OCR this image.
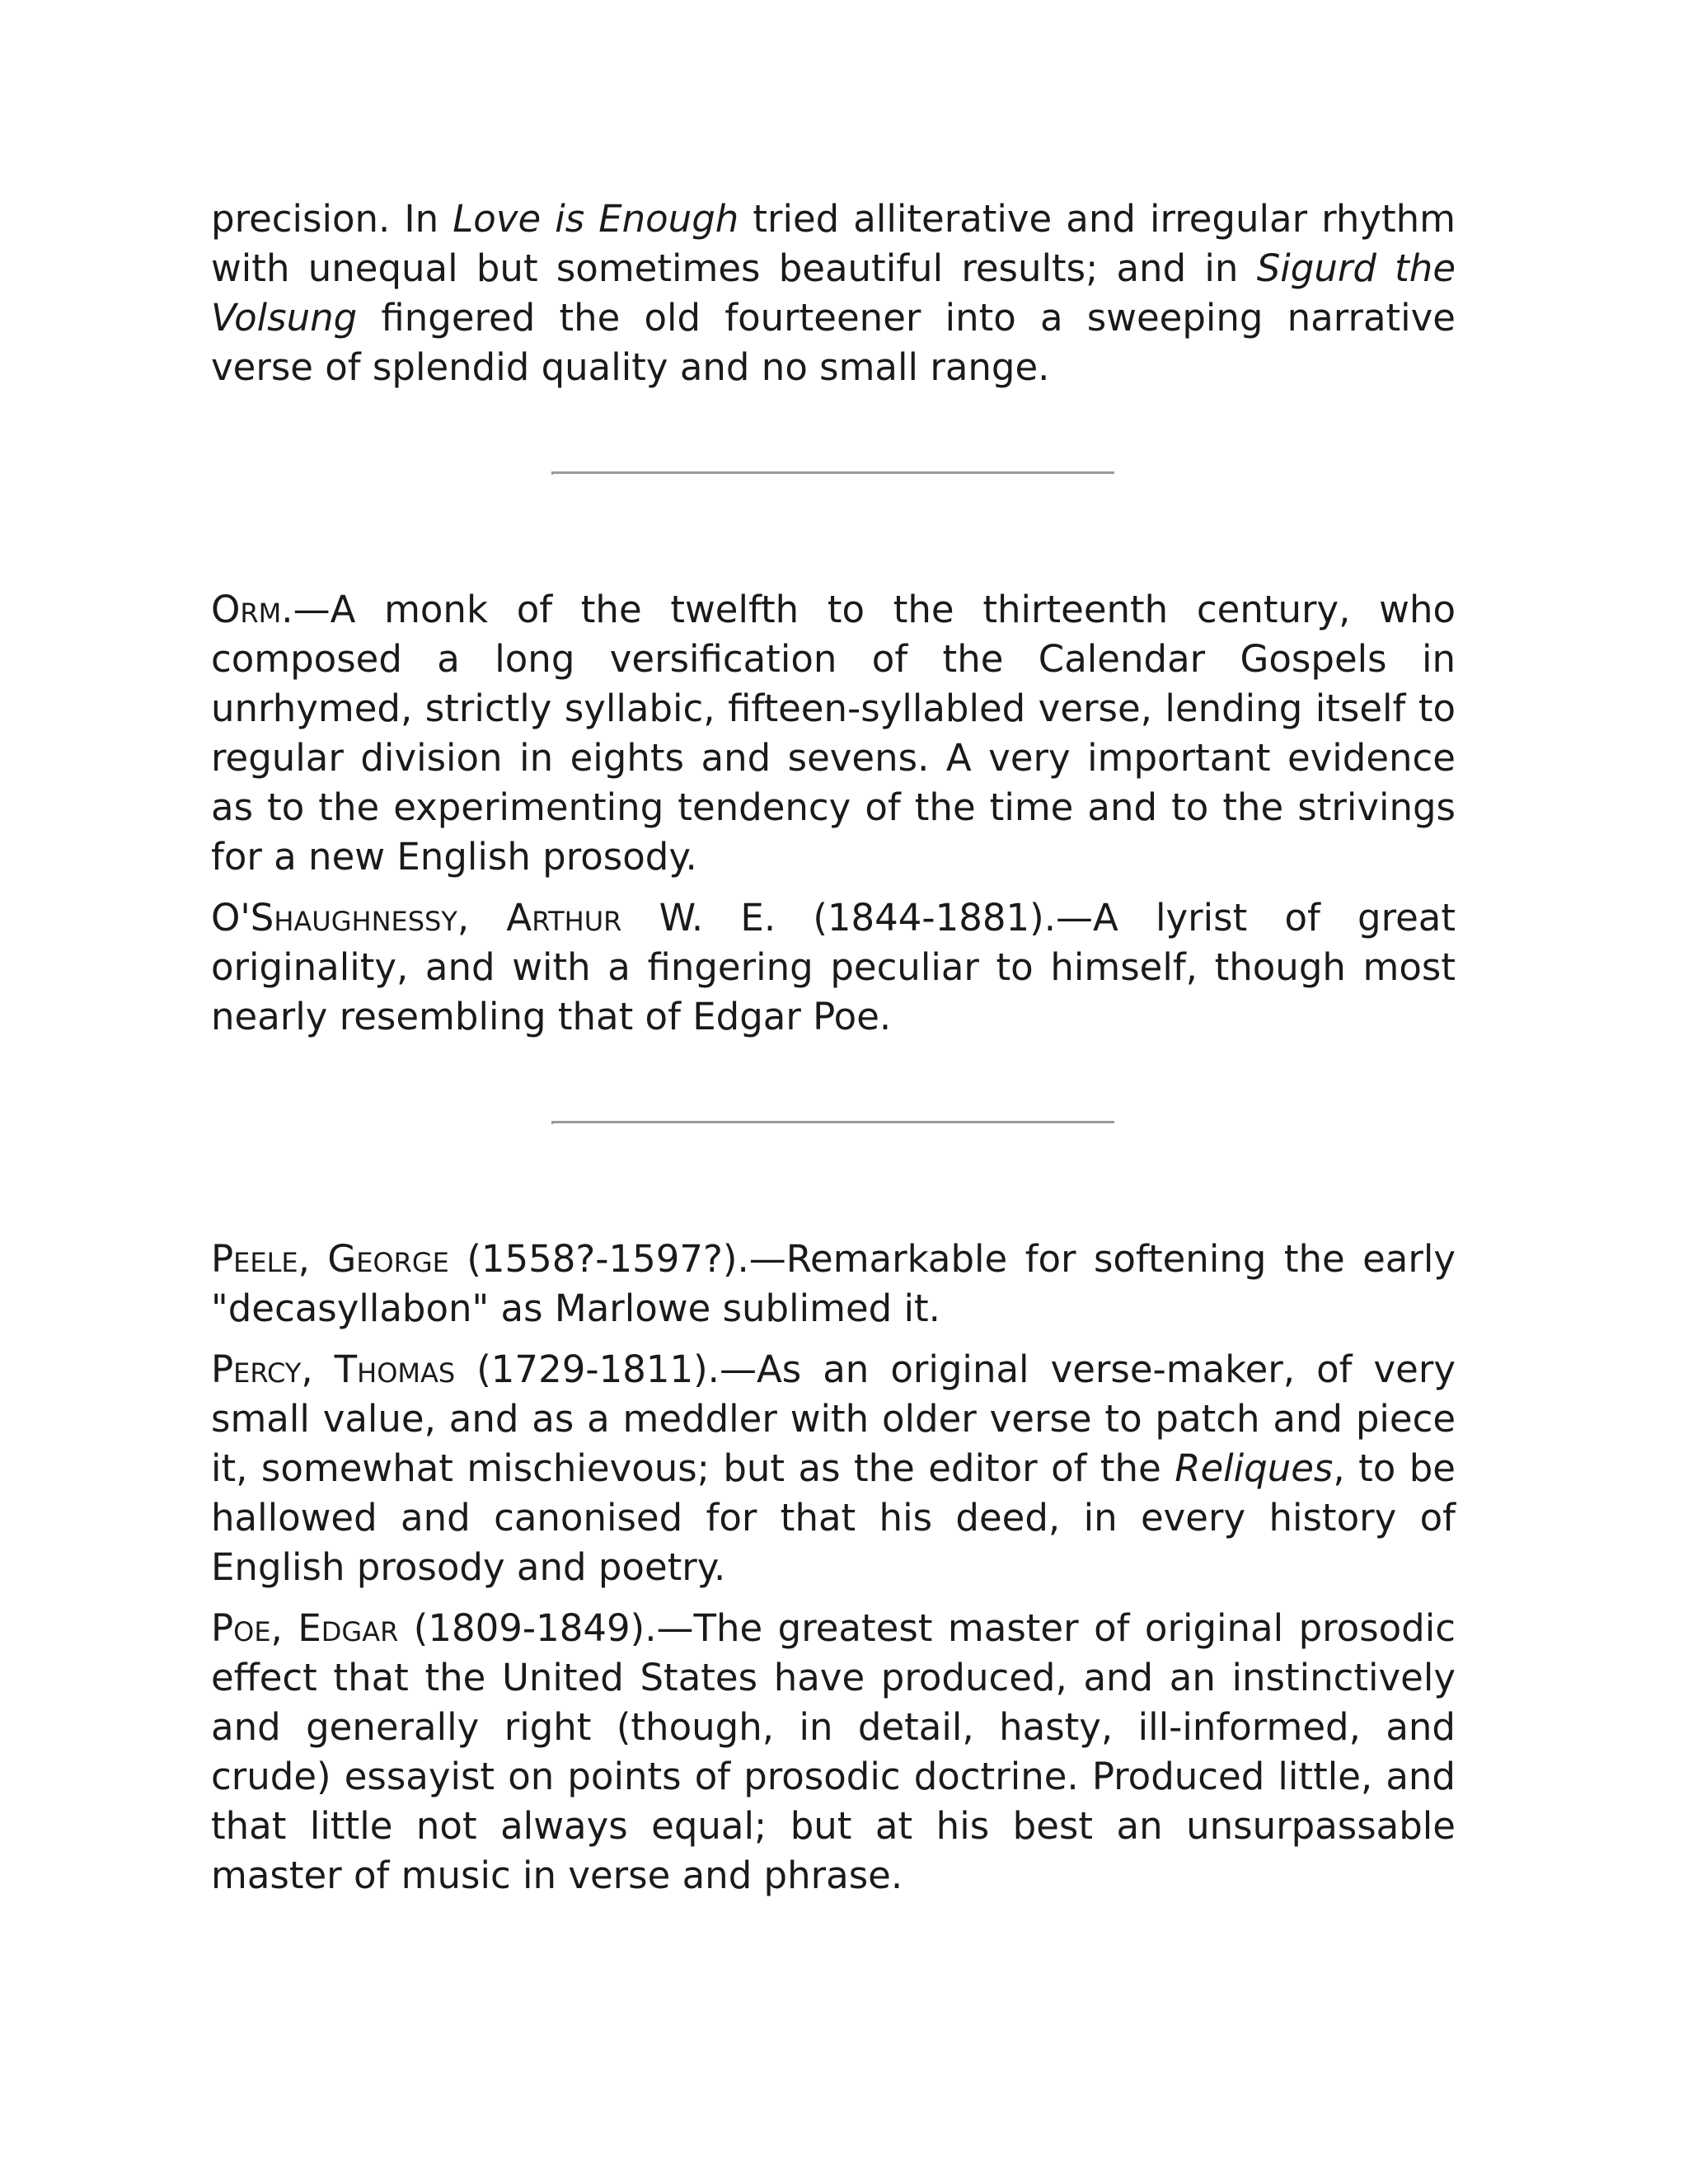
precision. In Love is Enough tried alliterative and irregular rhythm with unequal but sometimes beautiful results; and in Sigurd the Volsung fingered the old fourteener into a sweeping narrative verse of splendid quality and no small range.

Orm.—A monk of the twelfth to the thirteenth century, who composed a long versification of the Calendar Gospels in unrhymed, strictly syllabic, fifteen-syllabled verse, lending itself to regular division in eights and sevens. A very important evidence as to the experimenting tendency of the time and to the strivings for a new English prosody.

O'Shaughnessy, Arthur W. E. (1844-1881).—A lyrist of great originality, and with a fingering peculiar to himself, though most nearly resembling that of Edgar Poe.

Peele, George (1558?-1597?).—Remarkable for softening the early "decasyllabon" as Marlowe sublimed it.

Percy, Thomas (1729-1811).—As an original verse-maker, of very small value, and as a meddler with older verse to patch and piece it, somewhat mischievous; but as the editor of the Reliques, to be hallowed and canonised for that his deed, in every history of English prosody and poetry.

Poe, Edgar (1809-1849).—The greatest master of original prosodic effect that the United States have produced, and an instinctively and generally right (though, in detail, hasty, ill-informed, and crude) essayist on points of prosodic doctrine. Produced little, and that little not always equal; but at his best an unsurpassable master of music in verse and phrase.
